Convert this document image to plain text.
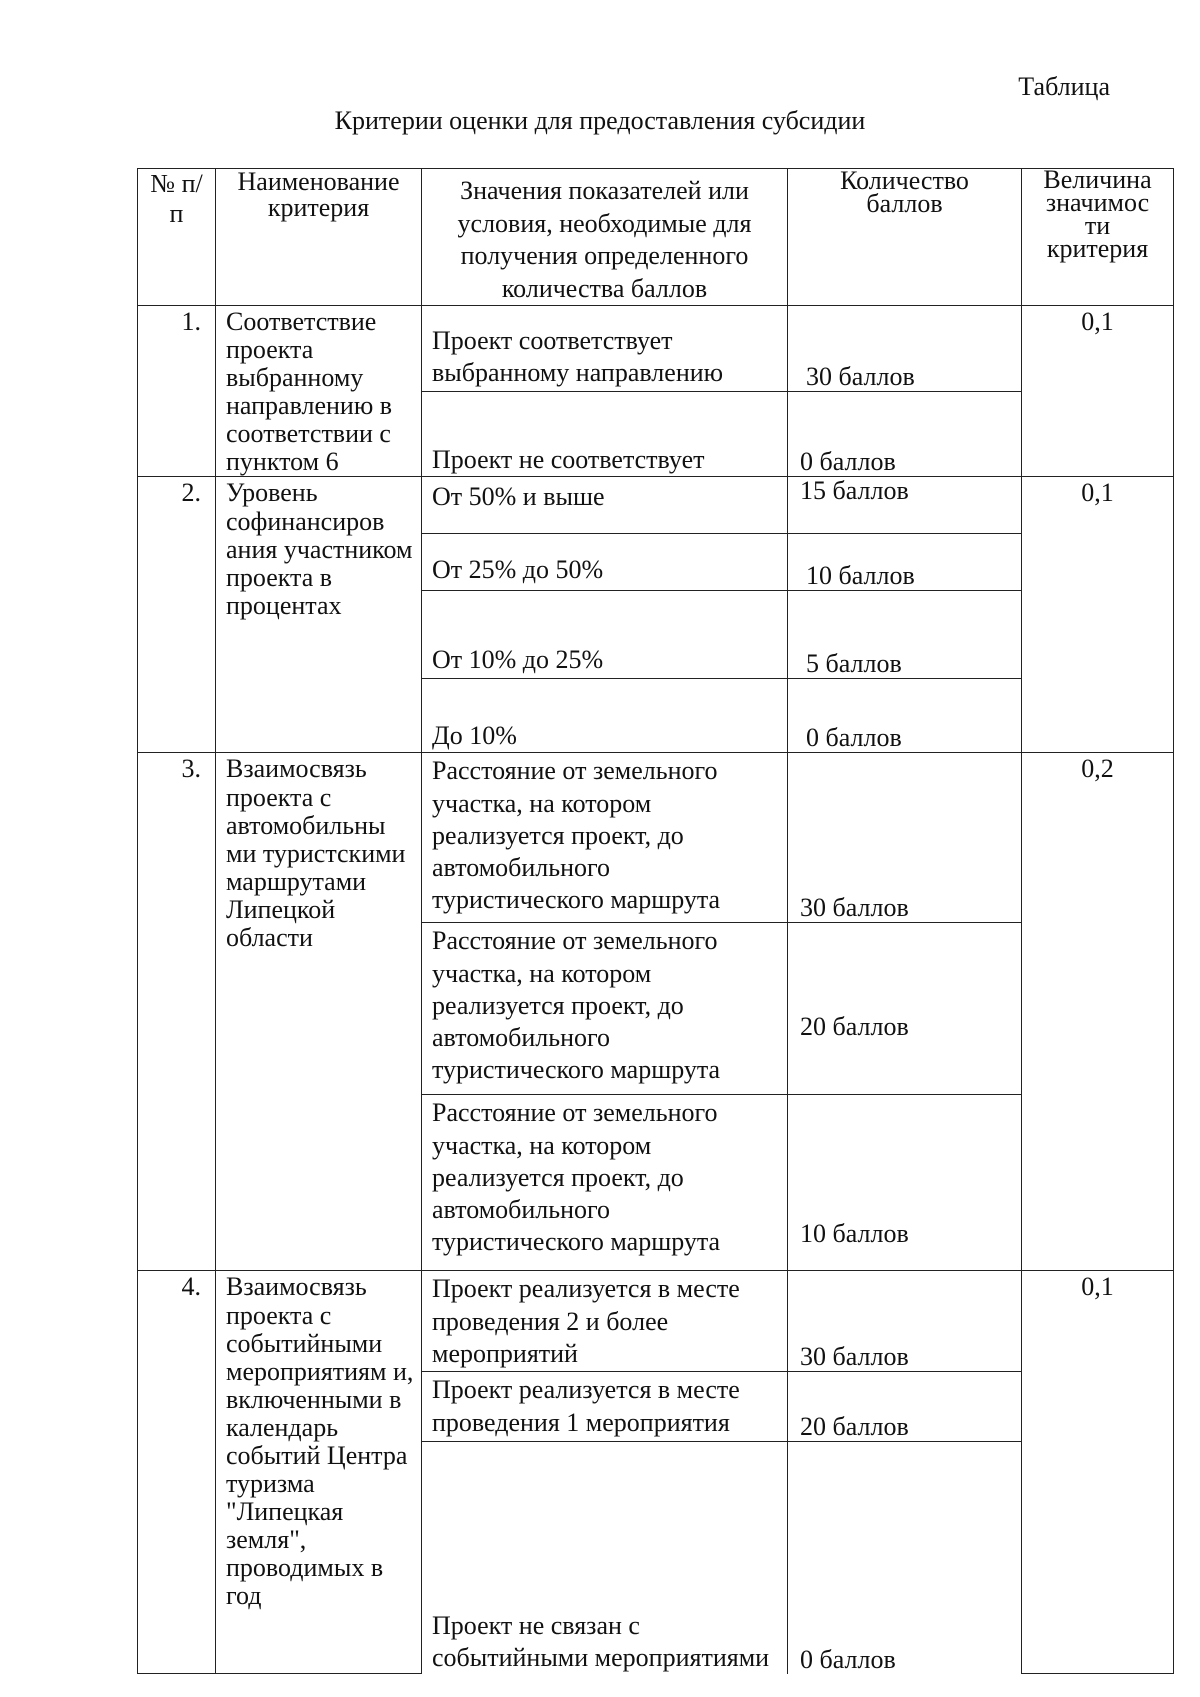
Таблица
Критерии оценки для предоставления субсидии
№ п/п	Наименование критерия	Значения показателей или условия, необходимые для получения определенного количества баллов	Количество баллов	Величина значимос ти критерия

1.	Соответствие проекта выбранному направлению в соответствии с пунктом 6	Проект соответствует выбранному направлению	30 баллов	0,1

		Проект не соответствует	0 баллов	
2.	Уровень софинансиров ания участником проекта в процентах	От 50% и выше	15 баллов	0,1

		От 25% до 50%	10 баллов	

		От 10% до 25%	5 баллов	

		До 10%	0 баллов	
3.	Взаимосвязь проекта с автомобильны ми туристскими маршрутами Липецкой области	Расстояние от земельного участка, на котором реализуется проект, до автомобильного туристического маршрута	30 баллов	0,2

		Расстояние от земельного участка, на котором реализуется проект, до автомобильного туристического маршрута	20 баллов	

		Расстояние от земельного участка, на котором реализуется проект, до автомобильного туристического маршрута	10 баллов	
4.	Взаимосвязь проекта с событийными мероприятиям и, включенными в календарь событий Центра туризма "Липецкая земля", проводимых в год	Проект реализуется в месте проведения 2 и более мероприятий	30 баллов	0,1

		Проект реализуется в месте проведения 1 мероприятия	20 баллов	

		Проект не связан с событийными мероприятиями	0 баллов	
